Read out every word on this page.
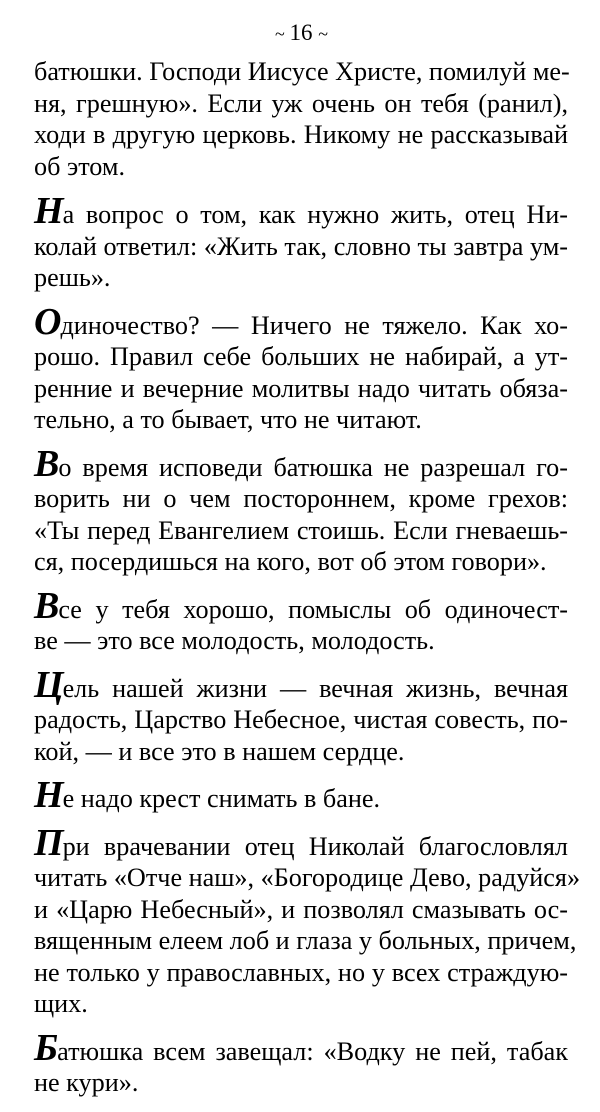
~ 16 ~
батюшки. Господи Иисусе Христе, помилуй ме-
ня, грешную». Если уж очень он тебя (ранил),
ходи в другую церковь. Никому не рассказывай
об этом.
На вопрос о том, как нужно жить, отец Ни-
колай ответил: «Жить так, словно ты завтра ум-
решь».
Одиночество? — Ничего не тяжело. Как хо-
рошо. Правил себе больших не набирай, а ут-
ренние и вечерние молитвы надо читать обяза-
тельно, а то бывает, что не читают.
Во время исповеди батюшка не разрешал го-
ворить ни о чем постороннем, кроме грехов:
«Ты перед Евангелием стоишь. Если гневаешь-
ся, посердишься на кого, вот об этом говори».
Все у тебя хорошо, помыслы об одиночест-
ве — это все молодость, молодость.
Цель нашей жизни — вечная жизнь, вечная
радость, Царство Небесное, чистая совесть, по-
кой, — и все это в нашем сердце.
Не надо крест снимать в бане.
При врачевании отец Николай благословлял
читать «Отче наш», «Богородице Дево, радуйся»
и «Царю Небесный», и позволял смазывать ос-
вященным елеем лоб и глаза у больных, причем,
не только у православных, но у всех страждую-
щих.
Батюшка всем завещал: «Водку не пей, табак
не кури».
